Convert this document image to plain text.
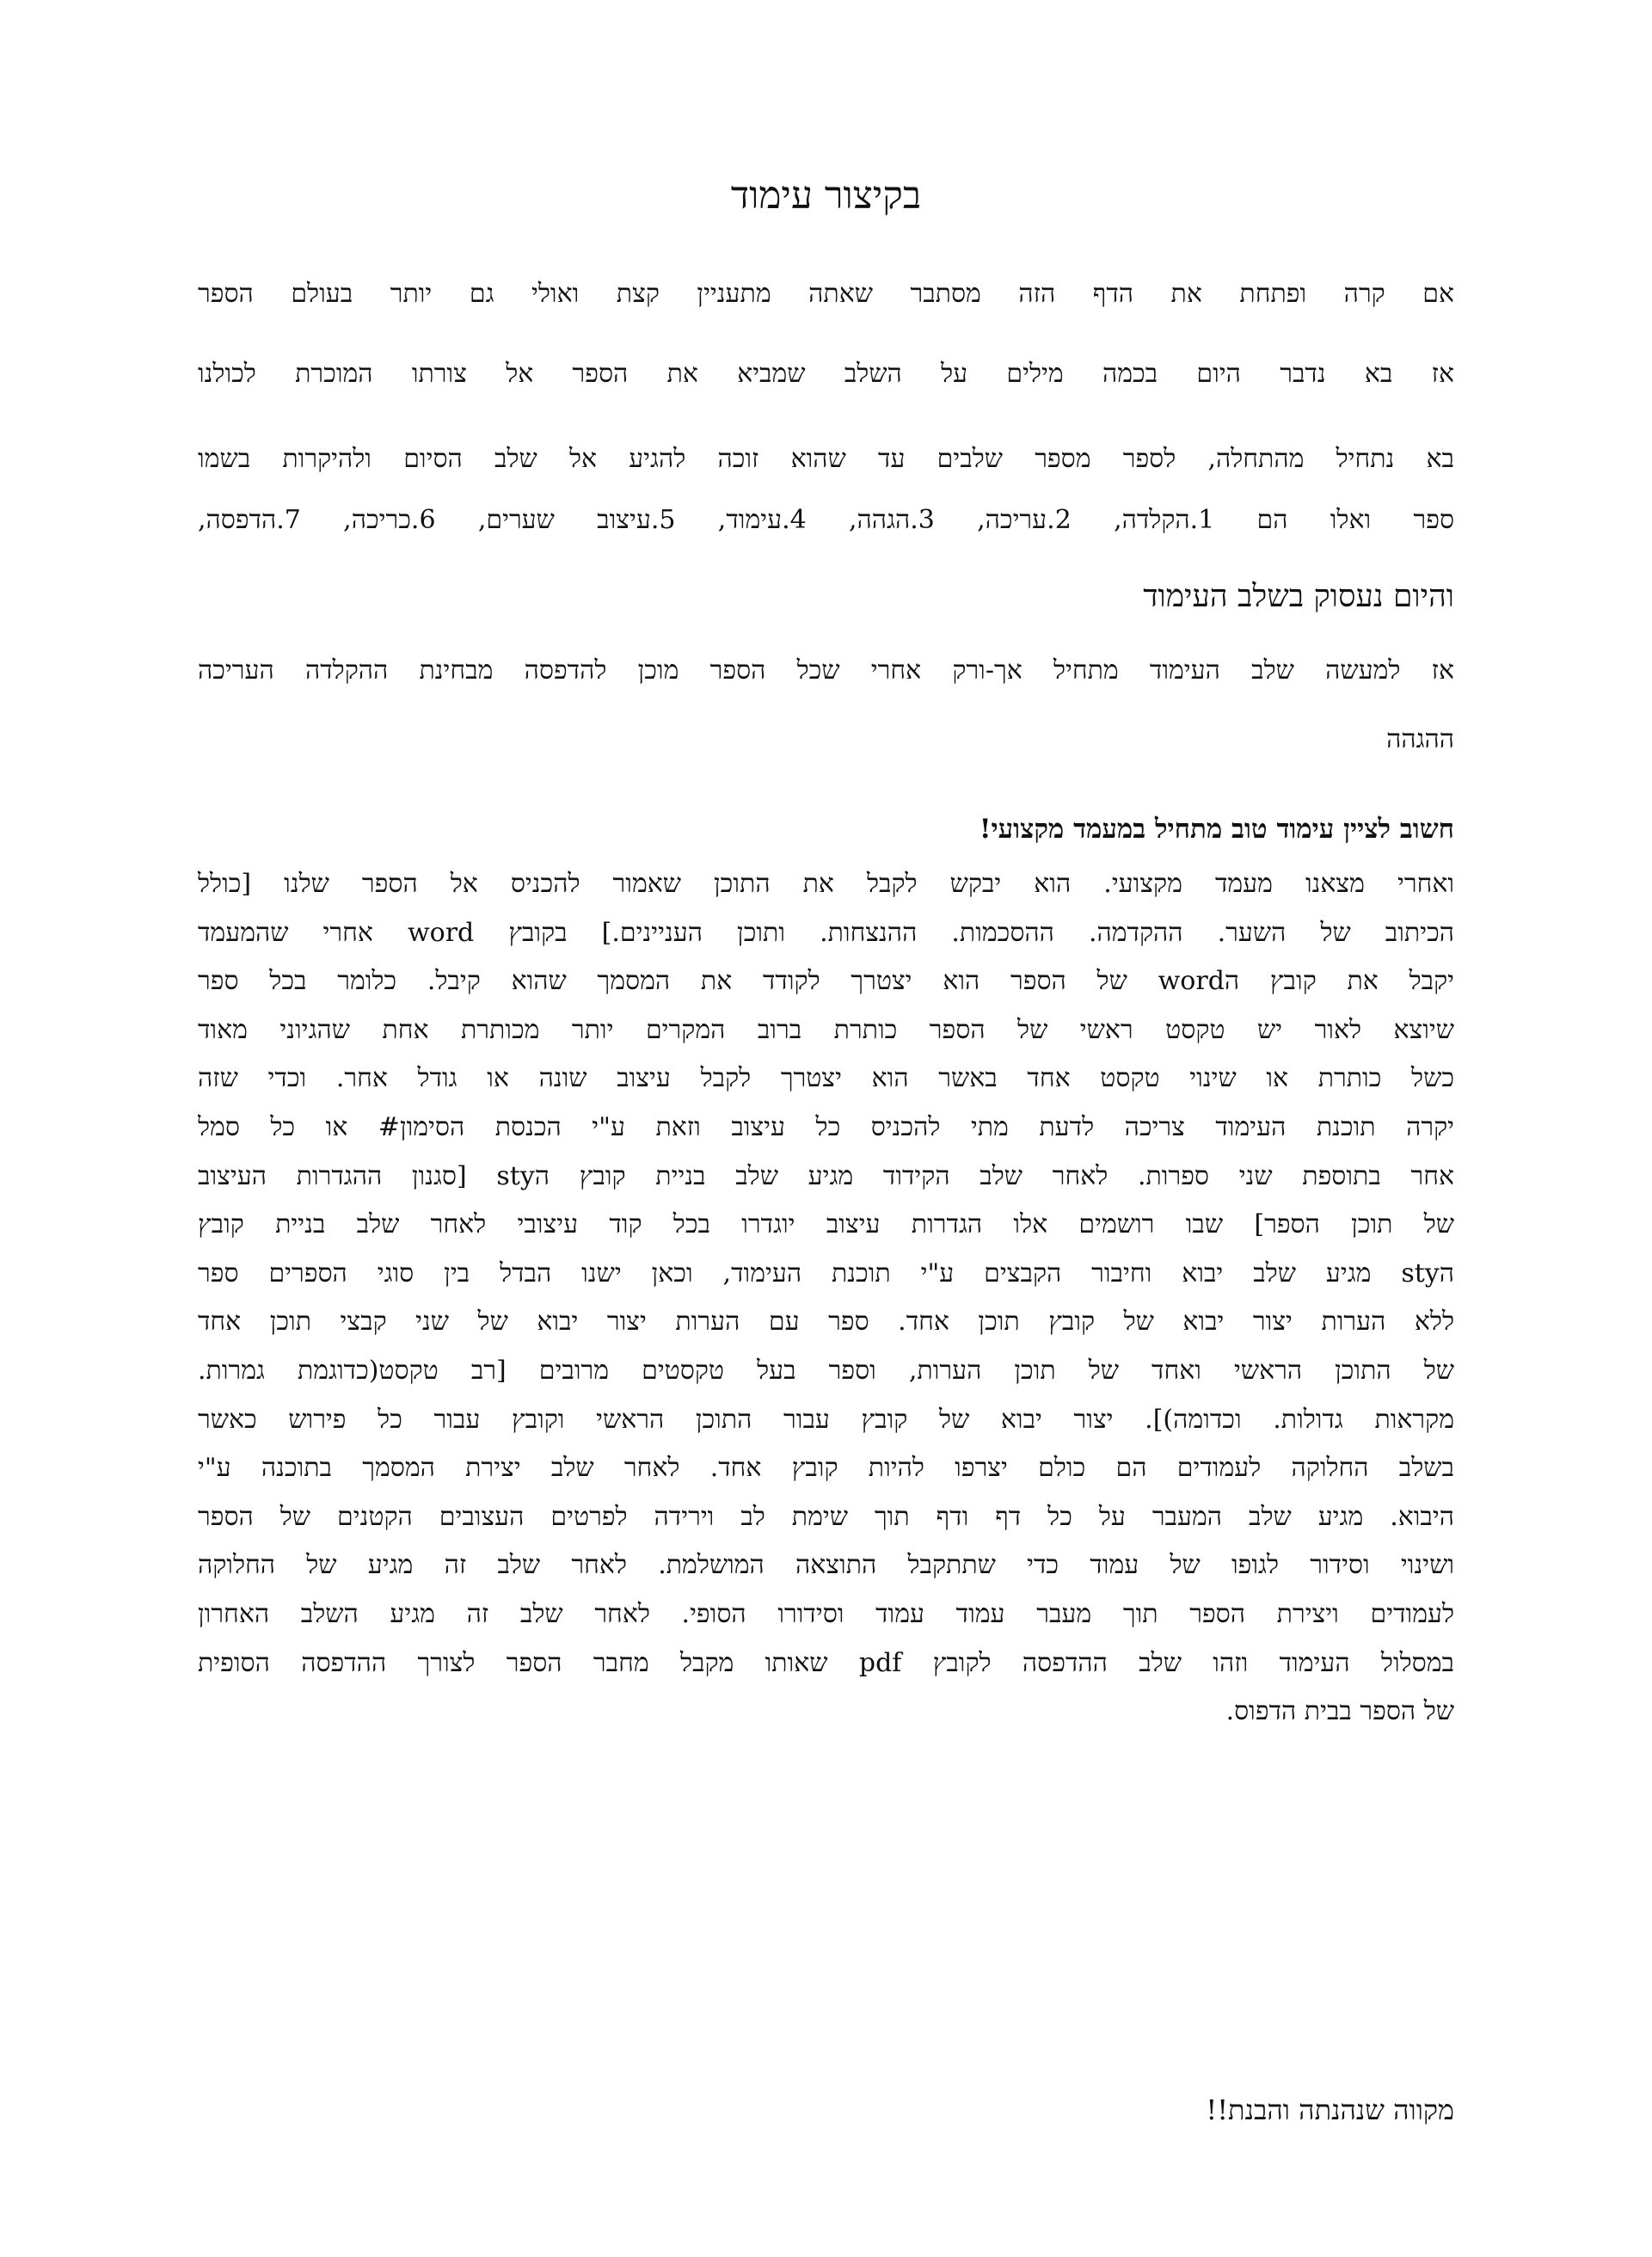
בקיצור עימוד

אם קרה ופתחת את הדף הזה מסתבר שאתה מתעניין קצת ואולי גם יותר בעולם הספר

אז בא נדבר היום בכמה מילים על השלב שמביא את הספר אל צורתו המוכרת לכולנו

בא נתחיל מהתחלה, לספר מספר שלבים עד שהוא זוכה להגיע אל שלב הסיום ולהיקרות בשמו

ספר ואלו הם 1.הקלדה, 2.עריכה, 3.הגהה, 4.עימוד, 5.עיצוב שערים, 6.כריכה, 7.הדפסה,

והיום נעסוק בשלב העימוד

אז למעשה שלב העימוד מתחיל אך-ורק אחרי שכל הספר מוכן להדפסה מבחינת ההקלדה העריכה

ההגהה

חשוב לציין עימוד טוב מתחיל במעמד מקצועי!

ואחרי מצאנו מעמד מקצועי. הוא יבקש לקבל את התוכן שאמור להכניס אל הספר שלנו [כולל
הכיתוב של השער. ההקדמה. ההסכמות. ההנצחות. ותוכן העניינים.] בקובץ word אחרי שהמעמד
יקבל את קובץ הword של הספר הוא יצטרך לקודד את המסמך שהוא קיבל. כלומר בכל ספר
שיוצא לאור יש טקסט ראשי של הספר כותרת ברוב המקרים יותר מכותרת אחת שהגיוני מאוד
כשל כותרת או שינוי טקסט אחד באשר הוא יצטרך לקבל עיצוב שונה או גודל אחר. וכדי שזה
יקרה תוכנת העימוד צריכה לדעת מתי להכניס כל עיצוב וזאת ע"י הכנסת הסימון# או כל סמל
אחר בתוספת שני ספרות. לאחר שלב הקידוד מגיע שלב בניית קובץ הsty [סגנון ההגדרות העיצוב
של תוכן הספר] שבו רושמים אלו הגדרות עיצוב יוגדרו בכל קוד עיצובי לאחר שלב בניית קובץ
הsty מגיע שלב יבוא וחיבור הקבצים ע"י תוכנת העימוד, וכאן ישנו הבדל בין סוגי הספרים ספר
ללא הערות יצור יבוא של קובץ תוכן אחד. ספר עם הערות יצור יבוא של שני קבצי תוכן אחד
של התוכן הראשי ואחד של תוכן הערות, וספר בעל טקסטים מרובים [רב טקסט(כדוגמת גמרות.
מקראות גדולות. וכדומה)]. יצור יבוא של קובץ עבור התוכן הראשי וקובץ עבור כל פירוש כאשר
בשלב החלוקה לעמודים הם כולם יצרפו להיות קובץ אחד. לאחר שלב יצירת המסמך בתוכנה ע"י
היבוא. מגיע שלב המעבר על כל דף ודף תוך שימת לב וירידה לפרטים העצובים הקטנים של הספר
ושינוי וסידור לגופו של עמוד כדי שתתקבל התוצאה המושלמת. לאחר שלב זה מגיע של החלוקה
לעמודים ויצירת הספר תוך מעבר עמוד עמוד וסידורו הסופי. לאחר שלב זה מגיע השלב האחרון
במסלול העימוד וזהו שלב ההדפסה לקובץ pdf שאותו מקבל מחבר הספר לצורך ההדפסה הסופית
של הספר בבית הדפוס.

מקווה שנהנתה והבנת!!
